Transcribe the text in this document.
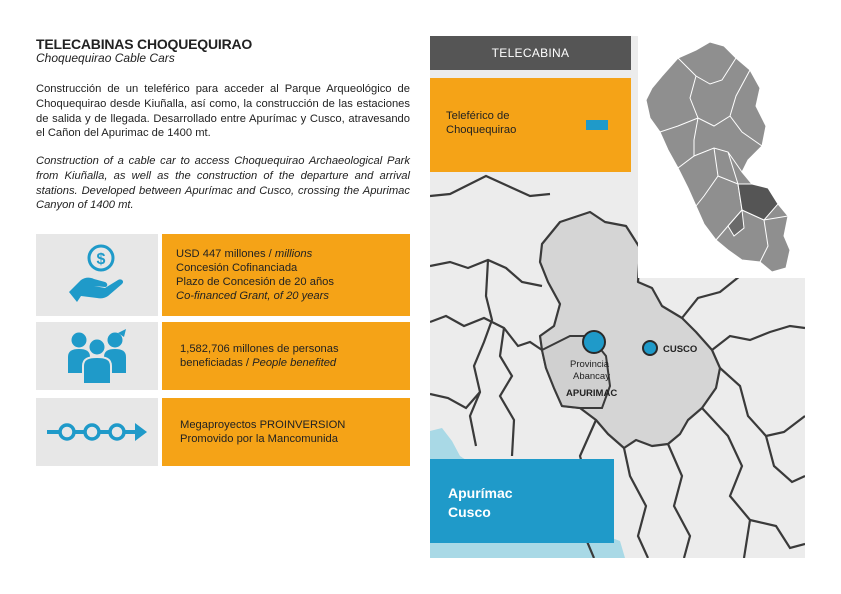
TELECABINAS CHOQUEQUIRAO
Choquequirao Cable Cars

Construcción de un teleférico para acceder al Parque Arqueológico de Choquequirao desde Kiuñalla, así como, la construcción de las estaciones de salida y de llegada. Desarrollado entre Apurímac y Cusco, atravesando el Cañon del Apurimac de 1400 mt.

Construction of a cable car to access Choquequirao Archaeological Park from Kiuñalla, as well as the construction of the departure and arrival stations. Developed between Apurímac and Cusco, crossing the Apurimac Canyon of 1400 mt.

$	USD 447 millones / millions
Concesión Cofinanciada
Plazo de Concesión de 20 años
Co-financed Grant, of 20 years
1,582,706 millones de personas
beneficiadas / People benefited
Megaproyectos PROINVERSION
Promovido por la Mancomunida
TELECABINA
Teleférico de Choquequirao
Provincia
Abancay
APURIMAC
CUSCO
Apurímac
Cusco
